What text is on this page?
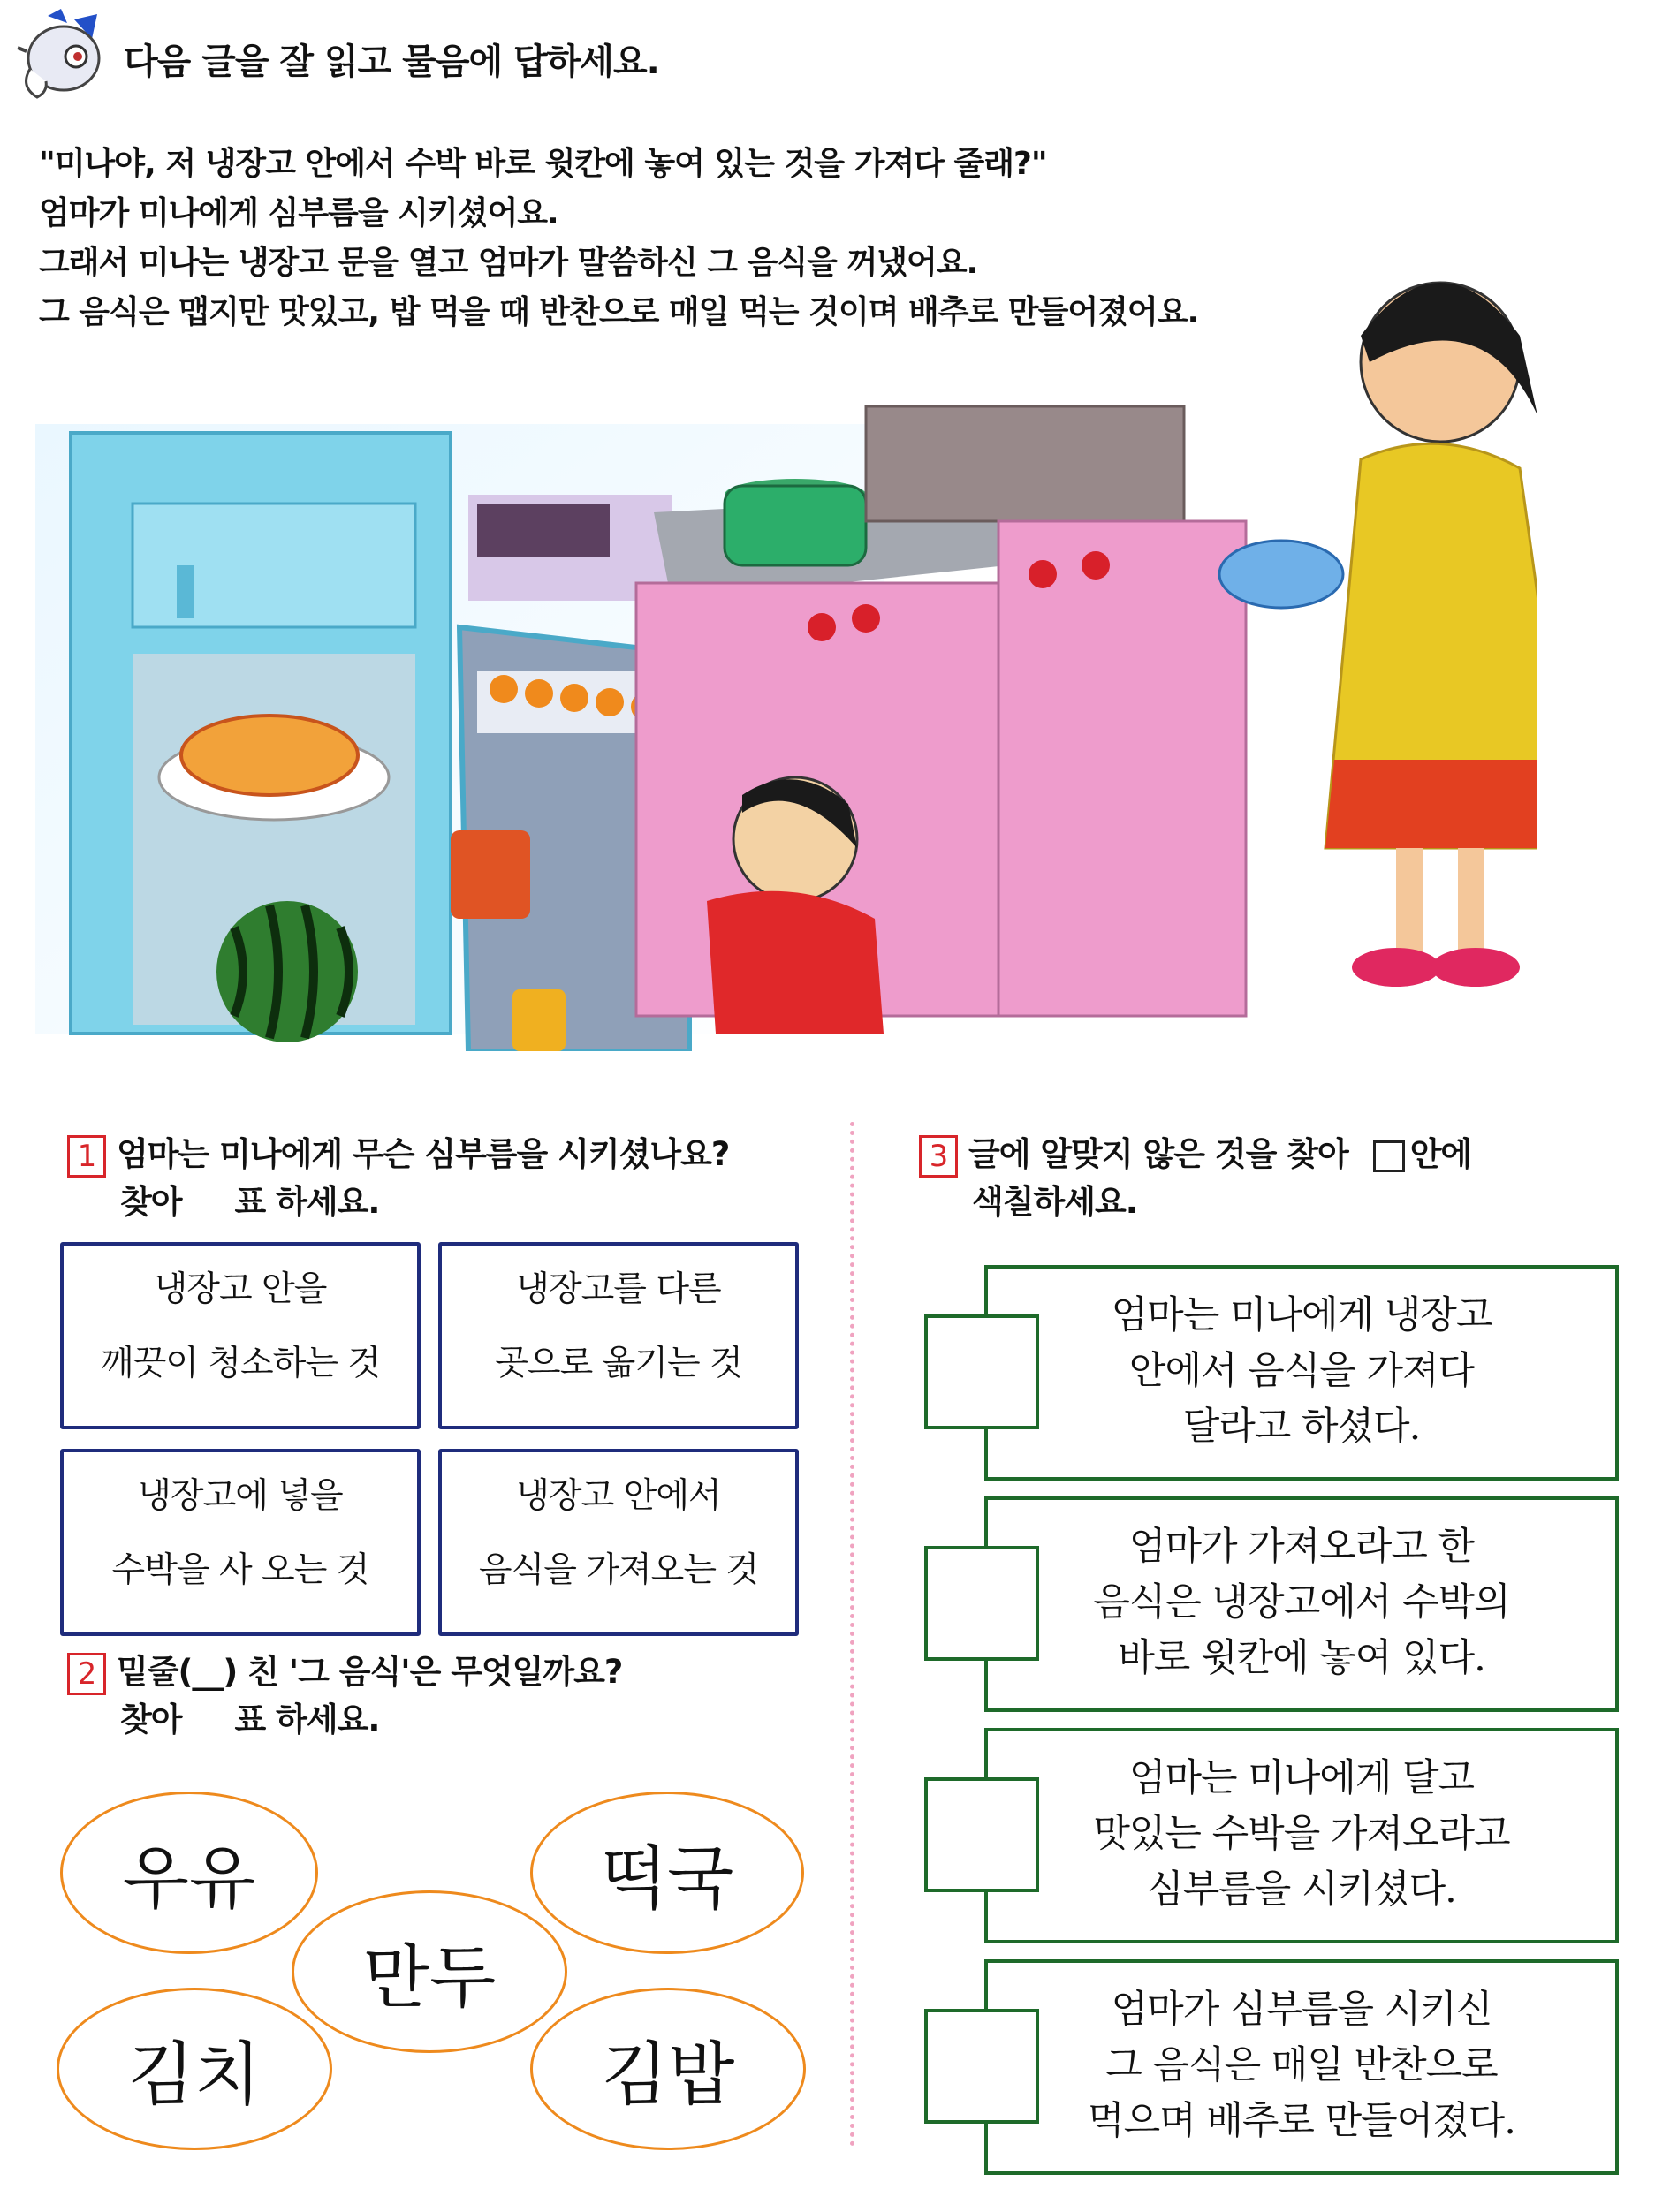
다음 글을 잘 읽고 물음에 답하세요.
"미나야, 저 냉장고 안에서 수박 바로 윗칸에 놓여 있는 것을 가져다 줄래?"
엄마가 미나에게 심부름을 시키셨어요.
그래서 미나는 냉장고 문을 열고 엄마가 말씀하신 그 음식을 꺼냈어요.
그 음식은 맵지만 맛있고, 밥 먹을 때 반찬으로 매일 먹는 것이며 배추로 만들어졌어요.
1 엄마는 미나에게 무슨 심부름을 시키셨나요?
찾아 표 하세요.
냉장고 안을
깨끗이 청소하는 것
냉장고를 다른
곳으로 옮기는 것
냉장고에 넣을
수박을 사 오는 것
냉장고 안에서
음식을 가져오는 것
2 밑줄(__) 친 '그 음식'은 무엇일까요?
찾아 표 하세요.
우유	떡국
만두
김치	김밥
3 글에 알맞지 않은 것을 찾아 안에
색칠하세요.
엄마는 미나에게 냉장고
안에서 음식을 가져다
달라고 하셨다.
엄마가 가져오라고 한
음식은 냉장고에서 수박의
바로 윗칸에 놓여 있다.
엄마는 미나에게 달고
맛있는 수박을 가져오라고
심부름을 시키셨다.
엄마가 심부름을 시키신
그 음식은 매일 반찬으로
먹으며 배추로 만들어졌다.
